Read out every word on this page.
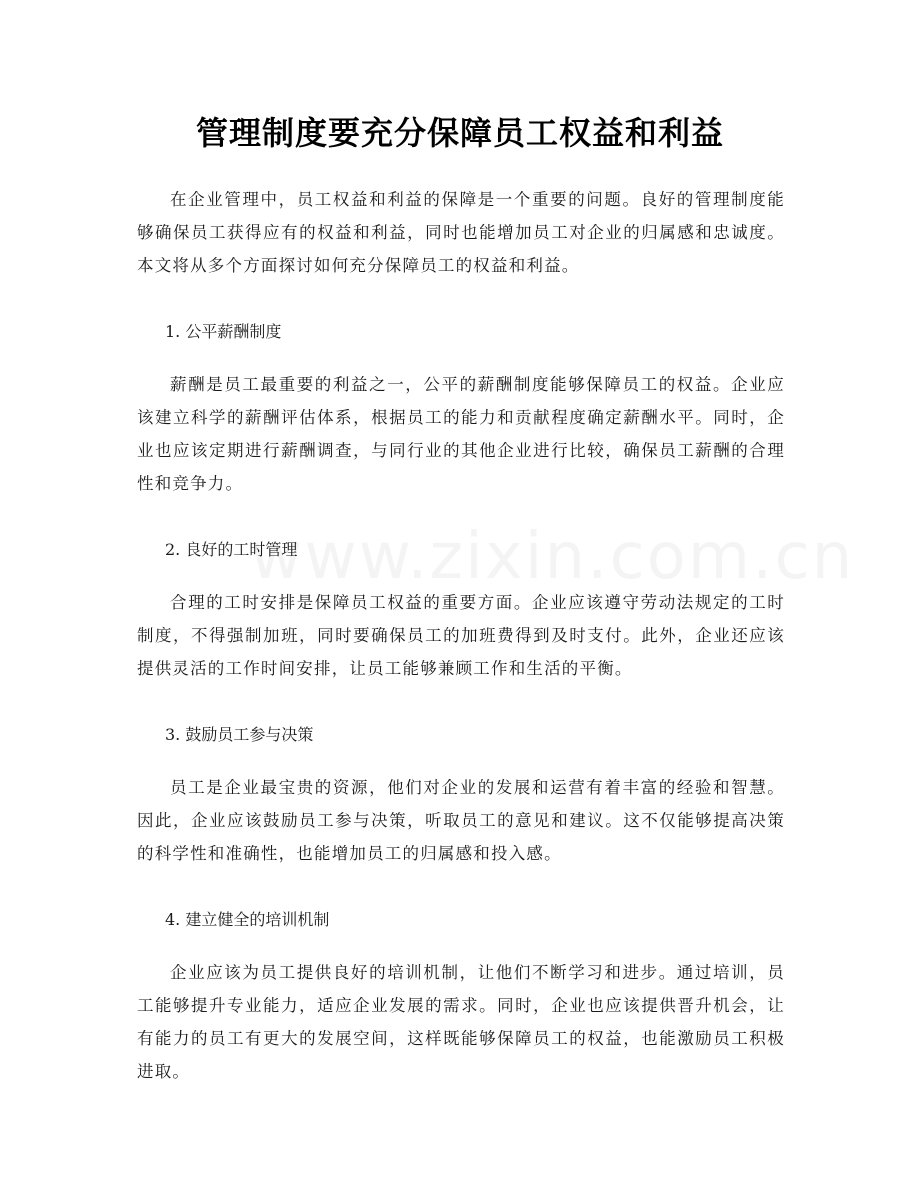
管理制度要充分保障员工权益和利益

在企业管理中，员工权益和利益的保障是一个重要的问题。良好的管理制度能够确保员工获得应有的权益和利益，同时也能增加员工对企业的归属感和忠诚度。本文将从多个方面探讨如何充分保障员工的权益和利益。

1. 公平薪酬制度

薪酬是员工最重要的利益之一，公平的薪酬制度能够保障员工的权益。企业应该建立科学的薪酬评估体系，根据员工的能力和贡献程度确定薪酬水平。同时，企业也应该定期进行薪酬调查，与同行业的其他企业进行比较，确保员工薪酬的合理性和竞争力。

2. 良好的工时管理

合理的工时安排是保障员工权益的重要方面。企业应该遵守劳动法规定的工时制度，不得强制加班，同时要确保员工的加班费得到及时支付。此外，企业还应该提供灵活的工作时间安排，让员工能够兼顾工作和生活的平衡。

3. 鼓励员工参与决策

员工是企业最宝贵的资源，他们对企业的发展和运营有着丰富的经验和智慧。因此，企业应该鼓励员工参与决策，听取员工的意见和建议。这不仅能够提高决策的科学性和准确性，也能增加员工的归属感和投入感。

4. 建立健全的培训机制

企业应该为员工提供良好的培训机制，让他们不断学习和进步。通过培训，员工能够提升专业能力，适应企业发展的需求。同时，企业也应该提供晋升机会，让有能力的员工有更大的发展空间，这样既能够保障员工的权益，也能激励员工积极进取。
